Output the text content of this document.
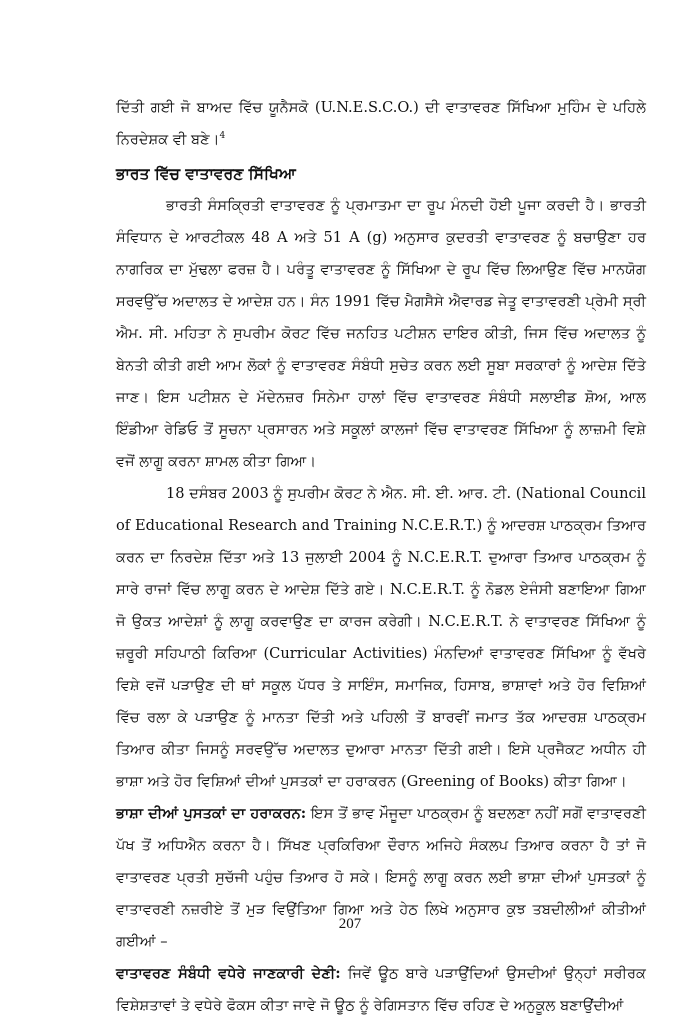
ਦਿੱਤੀ ਗਈ ਜੋ ਬਾਅਦ ਵਿੱਚ ਯੂਨੈਸਕੋ (U.N.E.S.C.O.) ਦੀ ਵਾਤਾਵਰਣ ਸਿੱਖਿਆ ਮੁਹਿੰਮ ਦੇ ਪਹਿਲੇ ਨਿਰਦੇਸ਼ਕ ਵੀ ਬਣੇ।$^4$

ਭਾਰਤ ਵਿੱਚ ਵਾਤਾਵਰਣ ਸਿੱਖਿਆ

ਭਾਰਤੀ ਸੰਸਕ੍ਰਿਤੀ ਵਾਤਾਵਰਣ ਨੂੰ ਪ੍ਰਮਾਤਮਾ ਦਾ ਰੂਪ ਮੰਨਦੀ ਹੋਈ ਪੂਜਾ ਕਰਦੀ ਹੈ। ਭਾਰਤੀ ਸੰਵਿਧਾਨ ਦੇ ਆਰਟੀਕਲ 48 A ਅਤੇ 51 A (g) ਅਨੁਸਾਰ ਕੁਦਰਤੀ ਵਾਤਾਵਰਣ ਨੂੰ ਬਚਾਉਣਾ ਹਰ ਨਾਗਰਿਕ ਦਾ ਮੁੱਢਲਾ ਫਰਜ਼ ਹੈ। ਪਰੰਤੂ ਵਾਤਾਵਰਣ ਨੂੰ ਸਿੱਖਿਆ ਦੇ ਰੂਪ ਵਿੱਚ ਲਿਆਉਣ ਵਿੱਚ ਮਾਨਯੋਗ ਸਰਵਉੱਚ ਅਦਾਲਤ ਦੇ ਆਦੇਸ਼ ਹਨ। ਸੰਨ 1991 ਵਿੱਚ ਮੈਗਸੈਸੇ ਐਵਾਰਡ ਜੇਤੂ ਵਾਤਾਵਰਣੀ ਪ੍ਰੇਮੀ ਸ੍ਰੀ ਐਮ. ਸੀ. ਮਹਿਤਾ ਨੇ ਸੁਪਰੀਮ ਕੋਰਟ ਵਿੱਚ ਜਨਹਿਤ ਪਟੀਸ਼ਨ ਦਾਇਰ ਕੀਤੀ, ਜਿਸ ਵਿੱਚ ਅਦਾਲਤ ਨੂੰ ਬੇਨਤੀ ਕੀਤੀ ਗਈ ਆਮ ਲੋਕਾਂ ਨੂੰ ਵਾਤਾਵਰਣ ਸੰਬੰਧੀ ਸੁਚੇਤ ਕਰਨ ਲਈ ਸੂਬਾ ਸਰਕਾਰਾਂ ਨੂੰ ਆਦੇਸ਼ ਦਿੱਤੇ ਜਾਣ। ਇਸ ਪਟੀਸ਼ਨ ਦੇ ਮੱਦੇਨਜ਼ਰ ਸਿਨੇਮਾ ਹਾਲਾਂ ਵਿੱਚ ਵਾਤਾਵਰਣ ਸੰਬੰਧੀ ਸਲਾਈਡ ਸ਼ੋਅ, ਆਲ ਇੰਡੀਆ ਰੇਡਿਓ ਤੋਂ ਸੂਚਨਾ ਪ੍ਰਸਾਰਨ ਅਤੇ ਸਕੂਲਾਂ ਕਾਲਜਾਂ ਵਿੱਚ ਵਾਤਾਵਰਣ ਸਿੱਖਿਆ ਨੂੰ ਲਾਜ਼ਮੀ ਵਿਸ਼ੇ ਵਜੋਂ ਲਾਗੂ ਕਰਨਾ ਸ਼ਾਮਲ ਕੀਤਾ ਗਿਆ।

18 ਦਸੰਬਰ 2003 ਨੂੰ ਸੁਪਰੀਮ ਕੋਰਟ ਨੇ ਐਨ. ਸੀ. ਈ. ਆਰ. ਟੀ. (National Council of Educational Research and Training N.C.E.R.T.) ਨੂੰ ਆਦਰਸ਼ ਪਾਠਕ੍ਰਮ ਤਿਆਰ ਕਰਨ ਦਾ ਨਿਰਦੇਸ਼ ਦਿੱਤਾ ਅਤੇ 13 ਜੁਲਾਈ 2004 ਨੂੰ N.C.E.R.T. ਦੁਆਰਾ ਤਿਆਰ ਪਾਠਕ੍ਰਮ ਨੂੰ ਸਾਰੇ ਰਾਜਾਂ ਵਿੱਚ ਲਾਗੂ ਕਰਨ ਦੇ ਆਦੇਸ਼ ਦਿੱਤੇ ਗਏ। N.C.E.R.T. ਨੂੰ ਨੋਡਲ ਏਜੰਸੀ ਬਣਾਇਆ ਗਿਆ ਜੋ ਉਕਤ ਆਦੇਸ਼ਾਂ ਨੂੰ ਲਾਗੂ ਕਰਵਾਉਣ ਦਾ ਕਾਰਜ ਕਰੇਗੀ। N.C.E.R.T. ਨੇ ਵਾਤਾਵਰਣ ਸਿੱਖਿਆ ਨੂੰ ਜ਼ਰੂਰੀ ਸਹਿਪਾਠੀ ਕਿਰਿਆ (Curricular Activities) ਮੰਨਦਿਆਂ ਵਾਤਾਵਰਣ ਸਿੱਖਿਆ ਨੂੰ ਵੱਖਰੇ ਵਿਸ਼ੇ ਵਜੋਂ ਪੜਾਉਣ ਦੀ ਥਾਂ ਸਕੂਲ ਪੱਧਰ ਤੇ ਸਾਇੰਸ, ਸਮਾਜਿਕ, ਹਿਸਾਬ, ਭਾਸ਼ਾਵਾਂ ਅਤੇ ਹੋਰ ਵਿਸ਼ਿਆਂ ਵਿੱਚ ਰਲਾ ਕੇ ਪੜਾਉਣ ਨੂੰ ਮਾਨਤਾ ਦਿੱਤੀ ਅਤੇ ਪਹਿਲੀ ਤੋਂ ਬਾਰਵੀਂ ਜਮਾਤ ਤੱਕ ਆਦਰਸ਼ ਪਾਠਕ੍ਰਮ ਤਿਆਰ ਕੀਤਾ ਜਿਸਨੂੰ ਸਰਵਉੱਚ ਅਦਾਲਤ ਦੁਆਰਾ ਮਾਨਤਾ ਦਿੱਤੀ ਗਈ। ਇਸੇ ਪ੍ਰਜੈਕਟ ਅਧੀਨ ਹੀ ਭਾਸ਼ਾ ਅਤੇ ਹੋਰ ਵਿਸ਼ਿਆਂ ਦੀਆਂ ਪੁਸਤਕਾਂ ਦਾ ਹਰਾਕਰਨ (Greening of Books) ਕੀਤਾ ਗਿਆ।

ਭਾਸ਼ਾ ਦੀਆਂ ਪੁਸਤਕਾਂ ਦਾ ਹਰਾਕਰਨ: ਇਸ ਤੋਂ ਭਾਵ ਮੌਜੂਦਾ ਪਾਠਕ੍ਰਮ ਨੂੰ ਬਦਲਣਾ ਨਹੀਂ ਸਗੋਂ ਵਾਤਾਵਰਣੀ ਪੱਖ ਤੋਂ ਅਧਿਐਨ ਕਰਨਾ ਹੈ। ਸਿੱਖਣ ਪ੍ਰਕਿਰਿਆ ਦੌਰਾਨ ਅਜਿਹੇ ਸੰਕਲਪ ਤਿਆਰ ਕਰਨਾ ਹੈ ਤਾਂ ਜੋ ਵਾਤਾਵਰਣ ਪ੍ਰਤੀ ਸੁਚੱਜੀ ਪਹੁੰਚ ਤਿਆਰ ਹੋ ਸਕੇ। ਇਸਨੂੰ ਲਾਗੂ ਕਰਨ ਲਈ ਭਾਸ਼ਾ ਦੀਆਂ ਪੁਸਤਕਾਂ ਨੂੰ ਵਾਤਾਵਰਣੀ ਨਜ਼ਰੀਏ ਤੋਂ ਮੁੜ ਵਿਉਂਤਿਆ ਗਿਆ ਅਤੇ ਹੇਠ ਲਿਖੇ ਅਨੁਸਾਰ ਕੁਝ ਤਬਦੀਲੀਆਂ ਕੀਤੀਆਂ ਗਈਆਂ –

ਵਾਤਾਵਰਣ ਸੰਬੰਧੀ ਵਧੇਰੇ ਜਾਣਕਾਰੀ ਦੇਣੀ: ਜਿਵੇਂ ਊਠ ਬਾਰੇ ਪੜਾਉਂਦਿਆਂ ਉਸਦੀਆਂ ਉਨ੍ਹਾਂ ਸਰੀਰਕ ਵਿਸ਼ੇਸ਼ਤਾਵਾਂ ਤੇ ਵਧੇਰੇ ਫੋਕਸ ਕੀਤਾ ਜਾਵੇ ਜੋ ਊਠ ਨੂੰ ਰੇਗਿਸਤਾਨ ਵਿੱਚ ਰਹਿਣ ਦੇ ਅਨੁਕੂਲ ਬਣਾਉਂਦੀਆਂ

207
